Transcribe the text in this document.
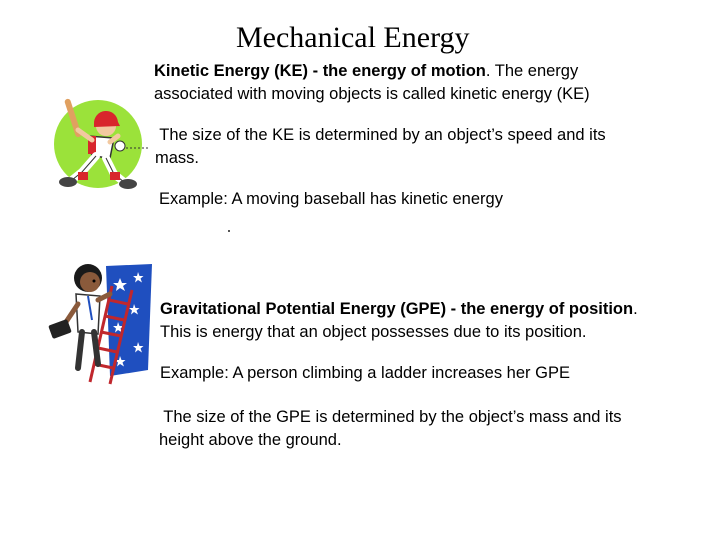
Mechanical Energy
Kinetic Energy (KE) - the energy of motion. The energy
associated with moving objects is called kinetic energy (KE)
The size of the KE is determined by an object’s speed and its
mass.
Example: A moving baseball has kinetic energy
Gravitational Potential Energy (GPE) - the energy of position.
This is energy that an object possesses due to its position.
Example: A person climbing a ladder increases her GPE
The size of the GPE is determined by the object’s mass and its
height above the ground.
